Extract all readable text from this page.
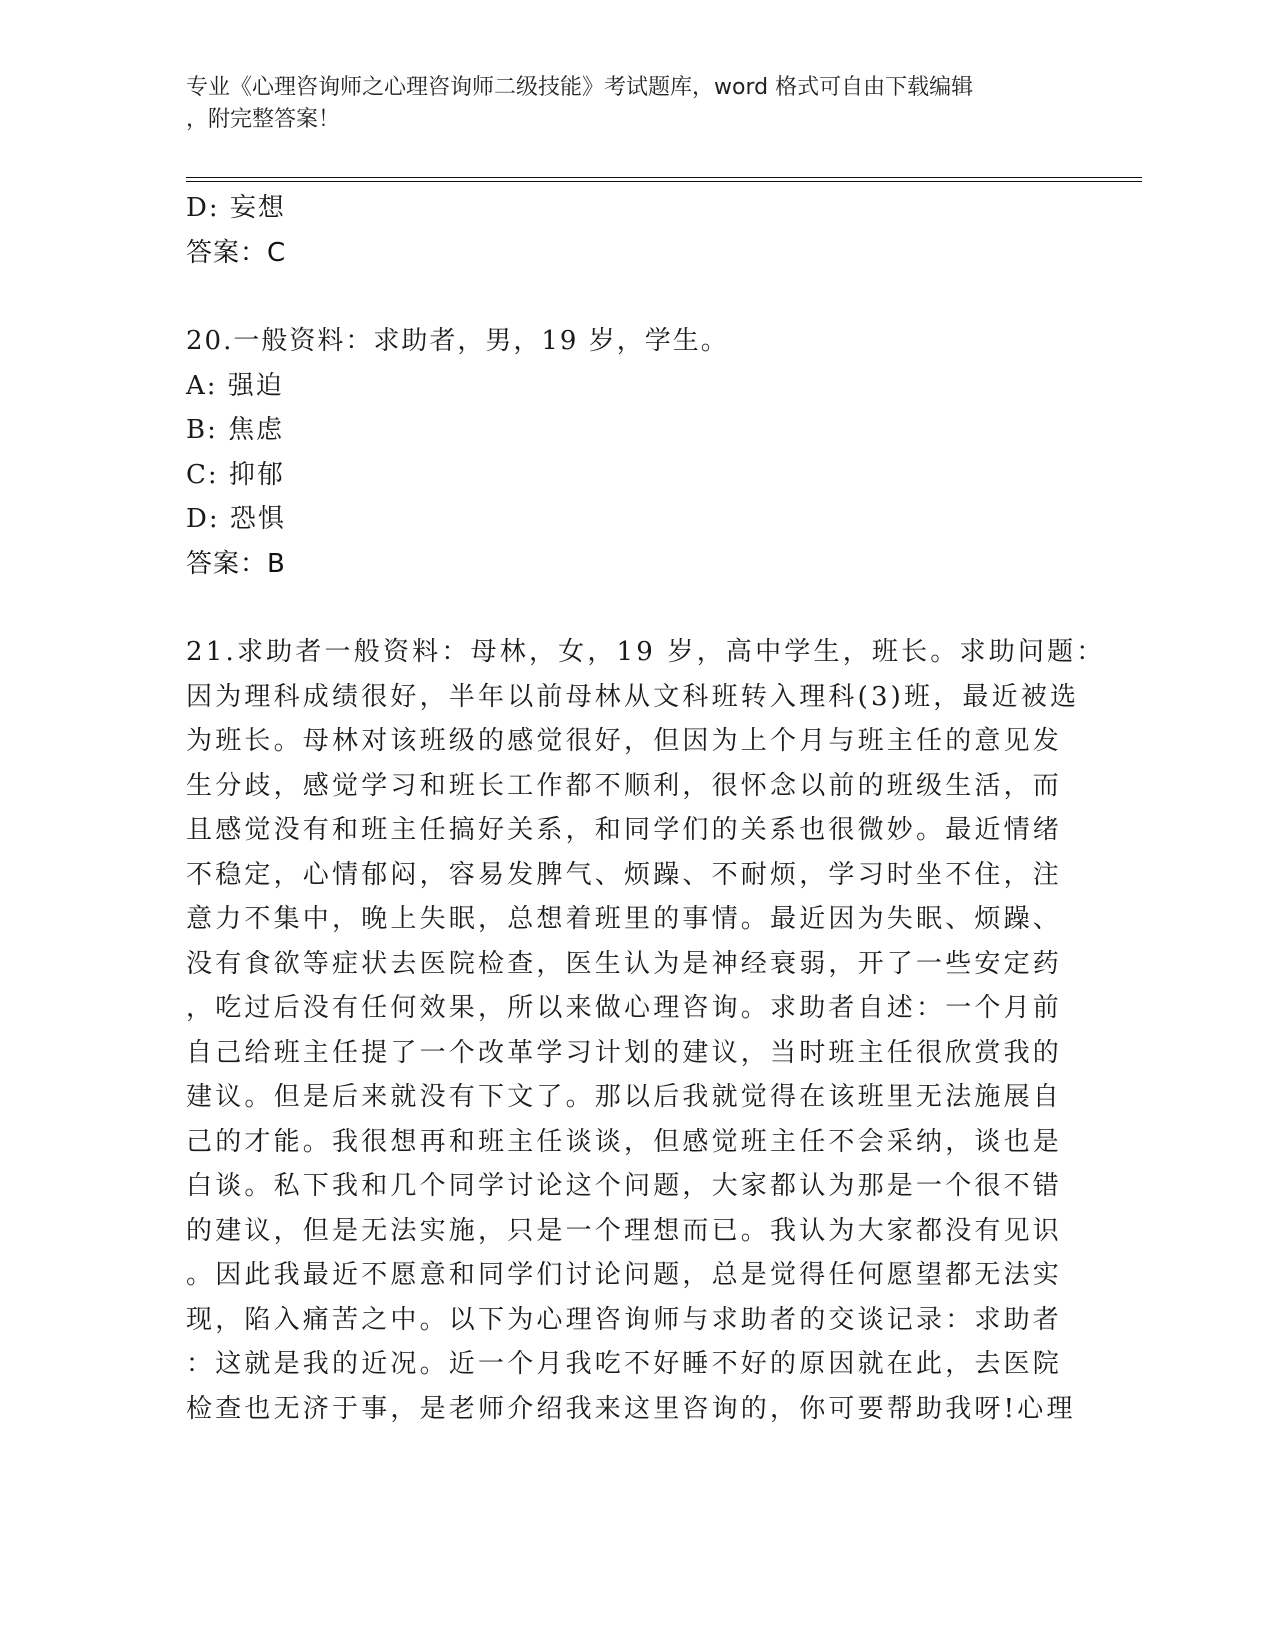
专业《心理咨询师之心理咨询师二级技能》考试题库，word 格式可自由下载编辑
，附完整答案！
D: 妄想
答案：C
20.一般资料：求助者，男，19 岁，学生。
A: 强迫
B: 焦虑
C: 抑郁
D: 恐惧
答案：B
21.求助者一般资料：母林，女，19 岁，高中学生，班长。求助问题：
因为理科成绩很好，半年以前母林从文科班转入理科(3)班，最近被选
为班长。母林对该班级的感觉很好，但因为上个月与班主任的意见发
生分歧，感觉学习和班长工作都不顺利，很怀念以前的班级生活，而
且感觉没有和班主任搞好关系，和同学们的关系也很微妙。最近情绪
不稳定，心情郁闷，容易发脾气、烦躁、不耐烦，学习时坐不住，注
意力不集中，晚上失眠，总想着班里的事情。最近因为失眠、烦躁、
没有食欲等症状去医院检查，医生认为是神经衰弱，开了一些安定药
，吃过后没有任何效果，所以来做心理咨询。求助者自述：一个月前
自己给班主任提了一个改革学习计划的建议，当时班主任很欣赏我的
建议。但是后来就没有下文了。那以后我就觉得在该班里无法施展自
己的才能。我很想再和班主任谈谈，但感觉班主任不会采纳，谈也是
白谈。私下我和几个同学讨论这个问题，大家都认为那是一个很不错
的建议，但是无法实施，只是一个理想而已。我认为大家都没有见识
。因此我最近不愿意和同学们讨论问题，总是觉得任何愿望都无法实
现，陷入痛苦之中。以下为心理咨询师与求助者的交谈记录：求助者
：这就是我的近况。近一个月我吃不好睡不好的原因就在此，去医院
检查也无济于事，是老师介绍我来这里咨询的，你可要帮助我呀!心理
